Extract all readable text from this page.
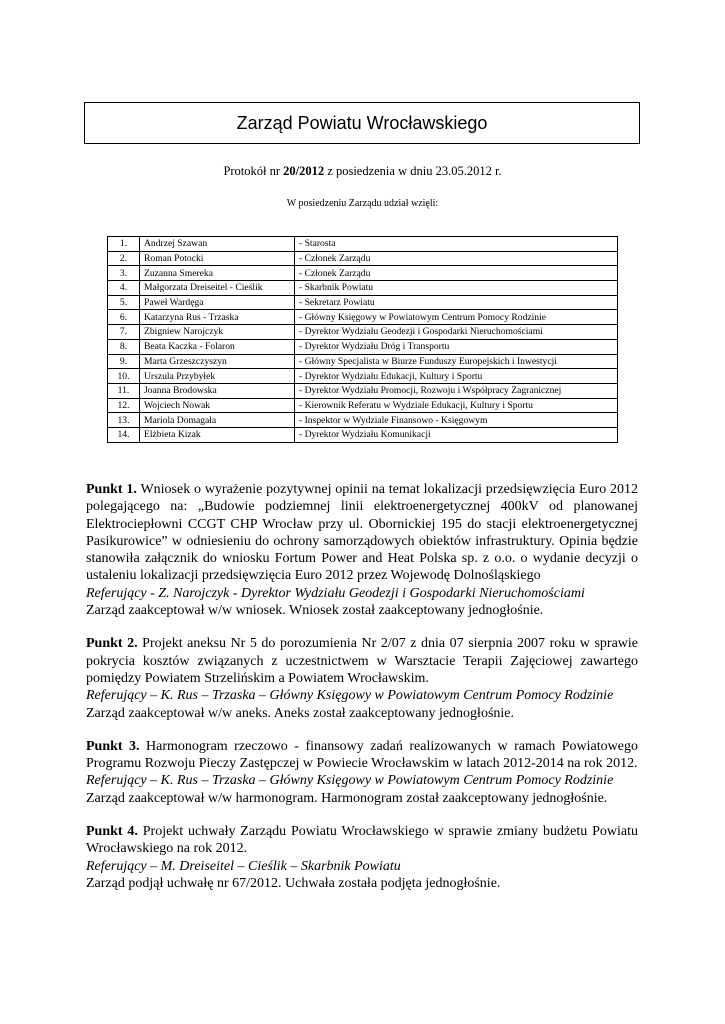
Zarząd Powiatu Wrocławskiego
Protokół nr 20/2012 z posiedzenia w dniu 23.05.2012 r.
W posiedzeniu Zarządu udział wzięli:
1.	Andrzej Szawan	- Starosta
2.	Roman Potocki	- Członek Zarządu
3.	Zuzanna Smereka	- Członek Zarządu
4.	Małgorzata Dreiseitel - Cieślik	- Skarbnik Powiatu
5.	Paweł Wardęga	- Sekretarz Powiatu
6.	Katarzyna Rus - Trzaska	- Główny Księgowy w Powiatowym Centrum Pomocy Rodzinie
7.	Zbigniew Narojczyk	- Dyrektor Wydziału Geodezji i Gospodarki Nieruchomościami
8.	Beata Kaczka - Folaron	- Dyrektor Wydziału Dróg i Transportu
9.	Marta Grzeszczyszyn	- Główny Specjalista w Biurze Funduszy Europejskich i Inwestycji
10.	Urszula Przybyłek	- Dyrektor Wydziału Edukacji, Kultury i Sportu
11.	Joanna Brodowska	- Dyrektor Wydziału Promocji, Rozwoju i Współpracy Zagranicznej
12.	Wojciech Nowak	- Kierownik Referatu w Wydziale Edukacji, Kultury i Sportu
13.	Mariola Domagała	- Inspektor w Wydziale Finansowo - Księgowym
14.	Elżbieta Kizak	- Dyrektor Wydziału Komunikacji

Punkt 1. Wniosek o wyrażenie pozytywnej opinii na temat lokalizacji przedsięwzięcia Euro 2012 polegającego na: „Budowie podziemnej linii elektroenergetycznej 400kV od planowanej Elektrociepłowni CCGT CHP Wrocław przy ul. Obornickiej 195 do stacji elektroenergetycznej Pasikurowice” w odniesieniu do ochrony samorządowych obiektów infrastruktury. Opinia będzie stanowiła załącznik do wniosku Fortum Power and Heat Polska sp. z o.o. o wydanie decyzji o ustaleniu lokalizacji przedsięwzięcia Euro 2012 przez Wojewodę Dolnośląskiego

Referujący - Z. Narojczyk - Dyrektor Wydziału Geodezji i Gospodarki Nieruchomościami

Zarząd zaakceptował w/w wniosek. Wniosek został zaakceptowany jednogłośnie.

Punkt 2. Projekt aneksu Nr 5 do porozumienia Nr 2/07 z dnia 07 sierpnia 2007 roku w sprawie pokrycia kosztów związanych z uczestnictwem w Warsztacie Terapii Zajęciowej zawartego pomiędzy Powiatem Strzelińskim a Powiatem Wrocławskim.

Referujący – K. Rus – Trzaska – Główny Księgowy w Powiatowym Centrum Pomocy Rodzinie

Zarząd zaakceptował w/w aneks. Aneks został zaakceptowany jednogłośnie.

Punkt 3. Harmonogram rzeczowo - finansowy zadań realizowanych w ramach Powiatowego Programu Rozwoju Pieczy Zastępczej w Powiecie Wrocławskim w latach 2012-2014 na rok 2012.

Referujący – K. Rus – Trzaska – Główny Księgowy w Powiatowym Centrum Pomocy Rodzinie

Zarząd zaakceptował w/w harmonogram. Harmonogram został zaakceptowany jednogłośnie.

Punkt 4. Projekt uchwały Zarządu Powiatu Wrocławskiego w sprawie zmiany budżetu Powiatu Wrocławskiego na rok 2012.

Referujący – M. Dreiseitel – Cieślik – Skarbnik Powiatu

Zarząd podjął uchwałę nr 67/2012. Uchwała została podjęta jednogłośnie.
